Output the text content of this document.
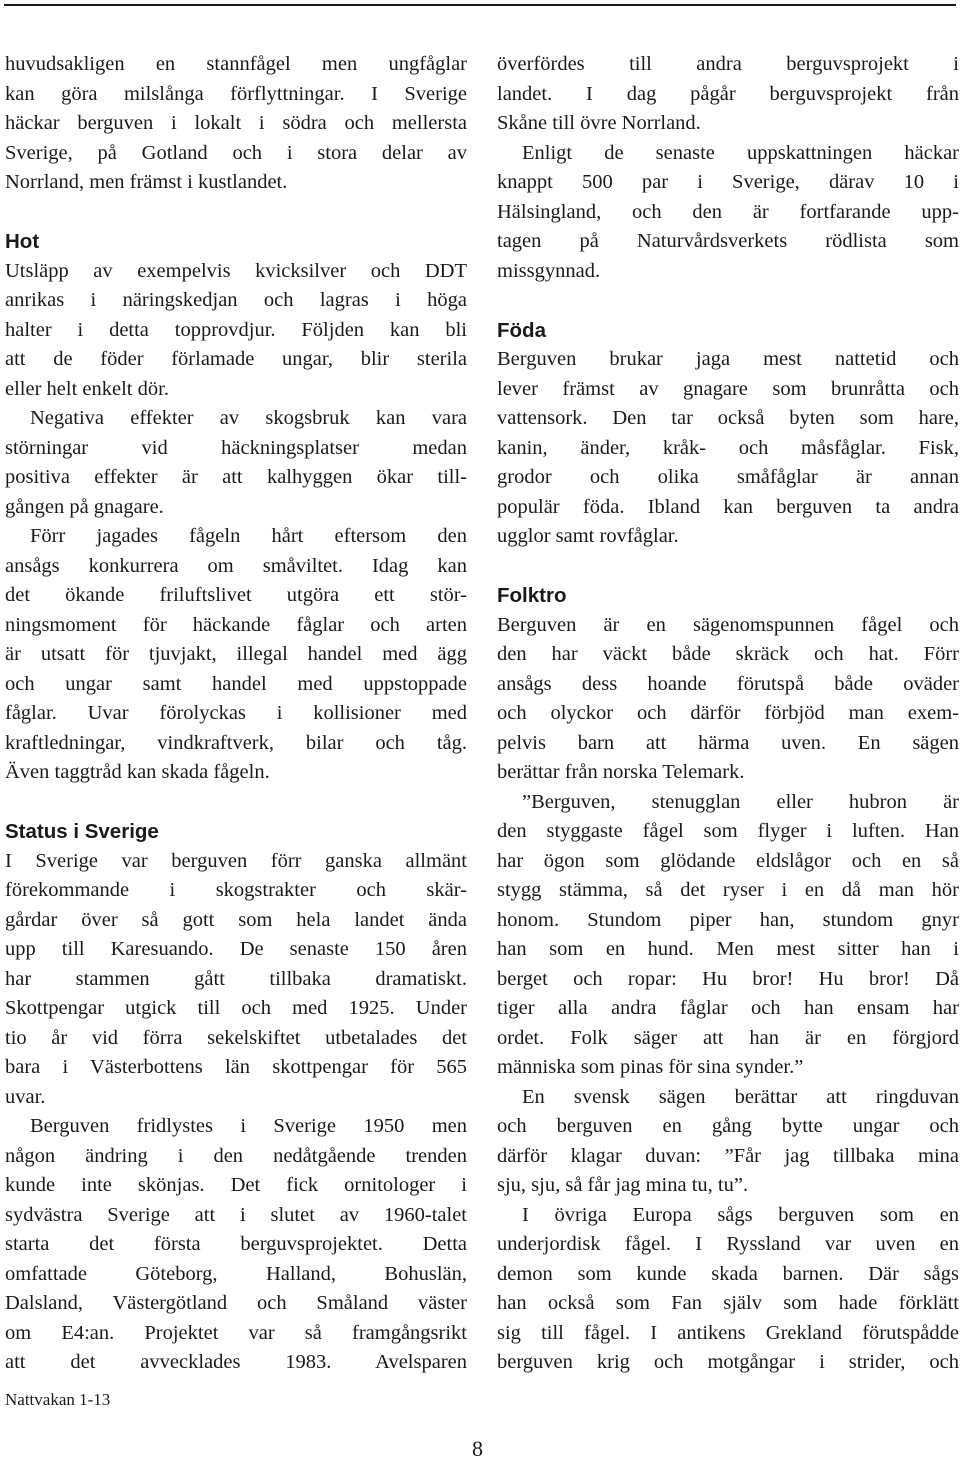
huvudsakligen en stannfågel men ungfåglar
kan göra milslånga förflyttningar. I Sverige
häckar berguven i lokalt i södra och mellersta
Sverige, på Gotland och i stora delar av
Norrland, men främst i kustlandet.
Hot
Utsläpp av exempelvis kvicksilver och DDT
anrikas i näringskedjan och lagras i höga
halter i detta topprovdjur. Följden kan bli
att de föder förlamade ungar, blir sterila
eller helt enkelt dör.
Negativa effekter av skogsbruk kan vara
störningar vid häckningsplatser medan
positiva effekter är att kalhyggen ökar till-
gången på gnagare.
Förr jagades fågeln hårt eftersom den
ansågs konkurrera om småviltet. Idag kan
det ökande friluftslivet utgöra ett stör-
ningsmoment för häckande fåglar och arten
är utsatt för tjuvjakt, illegal handel med ägg
och ungar samt handel med uppstoppade
fåglar. Uvar förolyckas i kollisioner med
kraftledningar, vindkraftverk, bilar och tåg.
Även taggtråd kan skada fågeln.
Status i Sverige
I Sverige var berguven förr ganska allmänt
förekommande i skogstrakter och skär-
gårdar över så gott som hela landet ända
upp till Karesuando. De senaste 150 åren
har stammen gått tillbaka dramatiskt.
Skottpengar utgick till och med 1925. Under
tio år vid förra sekelskiftet utbetalades det
bara i Västerbottens län skottpengar för 565
uvar.
Berguven fridlystes i Sverige 1950 men
någon ändring i den nedåtgående trenden
kunde inte skönjas. Det fick ornitologer i
sydvästra Sverige att i slutet av 1960-talet
starta det första berguvsprojektet. Detta
omfattade Göteborg, Halland, Bohuslän,
Dalsland, Västergötland och Småland väster
om E4:an. Projektet var så framgångsrikt
att det avvecklades 1983. Avelsparen
överfördes till andra berguvsprojekt i
landet. I dag pågår berguvsprojekt från
Skåne till övre Norrland.
Enligt de senaste uppskattningen häckar
knappt 500 par i Sverige, därav 10 i
Hälsingland, och den är fortfarande upp-
tagen på Naturvårdsverkets rödlista som
missgynnad.
Föda
Berguven brukar jaga mest nattetid och
lever främst av gnagare som brunråtta och
vattensork. Den tar också byten som hare,
kanin, änder, kråk- och måsfåglar. Fisk,
grodor och olika småfåglar är annan
populär föda. Ibland kan berguven ta andra
ugglor samt rovfåglar.
Folktro
Berguven är en sägenomspunnen fågel och
den har väckt både skräck och hat. Förr
ansågs dess hoande förutspå både oväder
och olyckor och därför förbjöd man exem-
pelvis barn att härma uven. En sägen
berättar från norska Telemark.
”Berguven, stenugglan eller hubron är
den styggaste fågel som flyger i luften. Han
har ögon som glödande eldslågor och en så
stygg stämma, så det ryser i en då man hör
honom. Stundom piper han, stundom gnyr
han som en hund. Men mest sitter han i
berget och ropar: Hu bror! Hu bror! Då
tiger alla andra fåglar och han ensam har
ordet. Folk säger att han är en förgjord
människa som pinas för sina synder.”
En svensk sägen berättar att ringduvan
och berguven en gång bytte ungar och
därför klagar duvan: ”Får jag tillbaka mina
sju, sju, så får jag mina tu, tu”.
I övriga Europa sågs berguven som en
underjordisk fågel. I Ryssland var uven en
demon som kunde skada barnen. Där sågs
han också som Fan själv som hade förklätt
sig till fågel. I antikens Grekland förutspådde
berguven krig och motgångar i strider, och
Nattvakan 1-13
8
